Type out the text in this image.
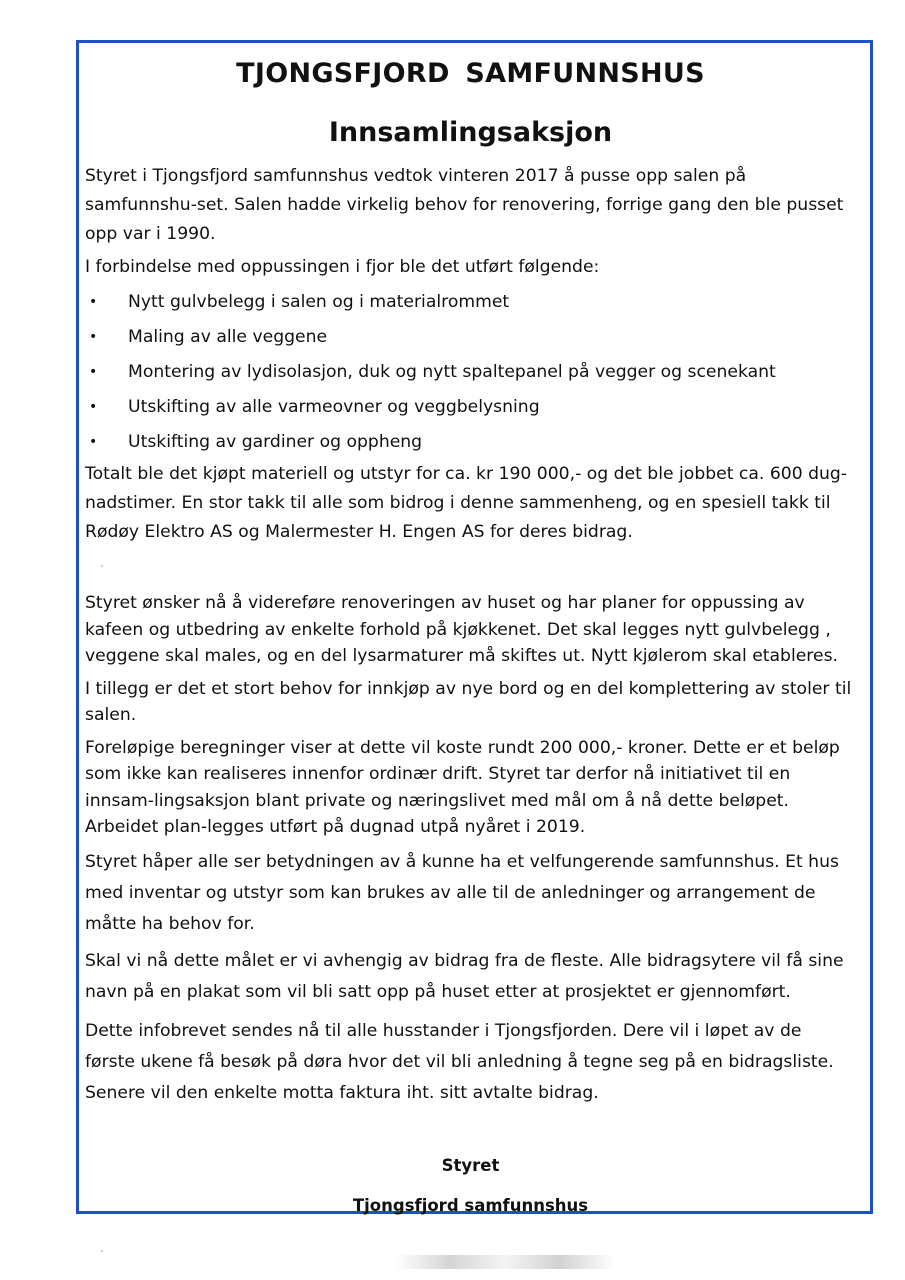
TJONGSFJORD SAMFUNNSHUS
Innsamlingsaksjon

Styret i Tjongsfjord samfunnshus vedtok vinteren 2017 å pusse opp salen på samfunnshu-set. Salen hadde virkelig behov for renovering, forrige gang den ble pusset opp var i 1990.

I forbindelse med oppussingen i fjor ble det utført følgende:

• Nytt gulvbelegg i salen og i materialrommet
• Maling av alle veggene
• Montering av lydisolasjon, duk og nytt spaltepanel på vegger og scenekant
• Utskifting av alle varmeovner og veggbelysning
• Utskifting av gardiner og oppheng

Totalt ble det kjøpt materiell og utstyr for ca. kr 190 000,- og det ble jobbet ca. 600 dug-nadstimer. En stor takk til alle som bidrog i denne sammenheng, og en spesiell takk til Rødøy Elektro AS og Malermester H. Engen AS for deres bidrag.

Styret ønsker nå å videreføre renoveringen av huset og har planer for oppussing av kafeen og utbedring av enkelte forhold på kjøkkenet. Det skal legges nytt gulvbelegg , veggene skal males, og en del lysarmaturer må skiftes ut. Nytt kjølerom skal etableres.

I tillegg er det et stort behov for innkjøp av nye bord og en del komplettering av stoler til salen.

Foreløpige beregninger viser at dette vil koste rundt 200 000,- kroner. Dette er et beløp som ikke kan realiseres innenfor ordinær drift. Styret tar derfor nå initiativet til en innsam-lingsaksjon blant private og næringslivet med mål om å nå dette beløpet. Arbeidet plan-legges utført på dugnad utpå nyåret i 2019.

Styret håper alle ser betydningen av å kunne ha et velfungerende samfunnshus. Et hus med inventar og utstyr som kan brukes av alle til de anledninger og arrangement de måtte ha behov for.

Skal vi nå dette målet er vi avhengig av bidrag fra de fleste. Alle bidragsytere vil få sine navn på en plakat som vil bli satt opp på huset etter at prosjektet er gjennomført.

Dette infobrevet sendes nå til alle husstander i Tjongsfjorden. Dere vil i løpet av de første ukene få besøk på døra hvor det vil bli anledning å tegne seg på en bidragsliste. Senere vil den enkelte motta faktura iht. sitt avtalte bidrag.

Styret
Tjongsfjord samfunnshus
